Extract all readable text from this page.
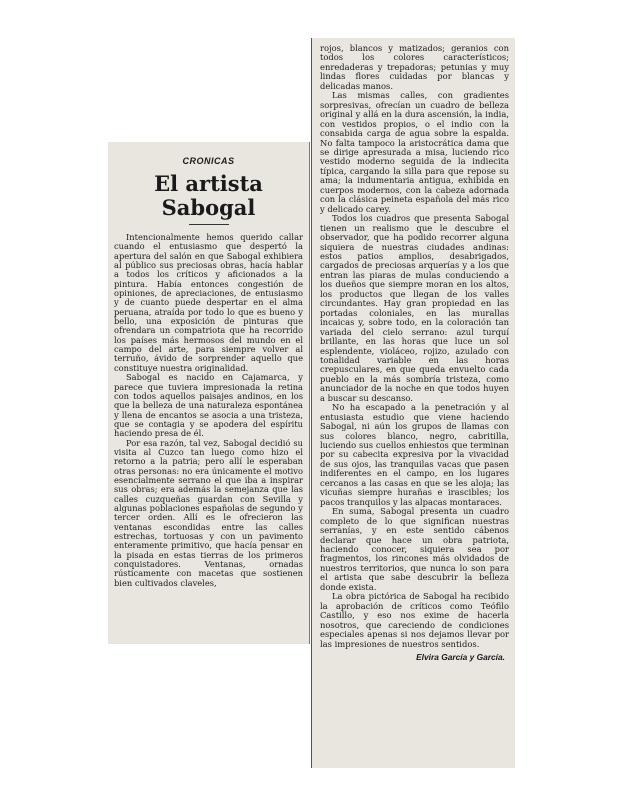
CRONICAS
El artista Sabogal

Intencionalmente hemos querido callar cuando el entusiasmo que despertó la apertura del salón en que Sabogal exhibiera al público sus preciosas obras, hacía hablar a todos los críticos y aficionados a la pintura. Había entonces congestión de opiniones, de apreciaciones, de entusiasmo y de cuanto puede despertar en el alma peruana, atraída por todo lo que es bueno y bello, una exposición de pinturas que ofrendara un compatriota que ha recorrido los países más hermosos del mundo en el campo del arte, para siempre volver al terruño, ávido de sorprender aquello que constituye nuestra originalidad.

Sabogal es nacido en Cajamarca, y parece que tuviera impresionada la retina con todos aquellos paisajes andinos, en los que la belleza de una naturaleza espontánea y llena de encantos se asocia a una tristeza, que se contagia y se apodera del espíritu haciendo presa de él.

Por esa razón, tal vez, Sabogal decidió su visita al Cuzco tan luego como hizo el retorno a la patria; pero allí le esperaban otras personas: no era únicamente el motivo esencialmente serrano el que iba a inspirar sus obras; era además la semejanza que las calles cuzqueñas guardan con Sevilla y algunas poblaciones españolas de segundo y tercer orden. Allí es le ofrecieron las ventanas escondidas entre las calles estrechas, tortuosas y con un pavimento enteramente primitivo, que hacía pensar en la pisada en estas tierras de los primeros conquistadores. Ventanas, ornadas rústicamente con macetas que sostienen bien cultivados claveles,

rojos, blancos y matizados; geranios con todos los colores característicos; enredaderas y trepadoras; petunias y muy lindas flores cuidadas por blancas y delicadas manos.

Las mismas calles, con gradientes sorpresivas, ofrecían un cuadro de belleza original y allá en la dura ascensión, la india, con vestidos propios, o el indio con la consabida carga de agua sobre la espalda. No falta tampoco la aristocrática dama que se dirige apresurada a misa, luciendo rico vestido moderno seguida de la indiecita típica, cargando la silla para que repose su ama; la indumentaria antigua, exhibida en cuerpos modernos, con la cabeza adornada con la clásica peineta española del más rico y delicado carey.

Todos los cuadros que presenta Sabogal tienen un realismo que le descubre el observador, que ha podido recorrer alguna siquiera de nuestras ciudades andinas: estos patios amplios, desabrigados, cargados de preciosas arquerías y a los que entran las piaras de mulas conduciendo a los dueños que siempre moran en los altos, los productos que llegan de los valles circundantes. Hay gran propiedad en las portadas coloniales, en las murallas incaicas y, sobre todo, en la coloración tan variada del cielo serrano: azul turquí brillante, en las horas que luce un sol esplendente, violáceo, rojizo, azulado con tonalidad variable en las horas crepusculares, en que queda envuelto cada pueblo en la más sombría tristeza, como anunciador de la noche en que todos huyen a buscar su descanso.

No ha escapado a la penetración y al entusiasta estudio que viene haciendo Sabogal, ni aún los grupos de llamas con sus colores blanco, negro, cabritilla, luciendo sus cuellos enhiestos que terminan por su cabecita expresiva por la vivacidad de sus ojos, las tranquilas vacas que pasen indiferentes en el campo, en los lugares cercanos a las casas en que se les aloja; las vicuñas siempre huraña​s e irascibles; los pacos tranquilos y las alpacas montaraces.

En suma, Sabogal presenta un cuadro completo de lo que significan nuestras serranías, y en este sentido cábenos declarar que hace un obra patriota, haciendo conocer, siquiera sea por fragmentos, los rincones más olvidados de nuestros territorios, que nunca lo son para el artista que sabe descubrir la belleza donde exista.

La obra pictórica de Sabogal ha recibido la aprobación de críticos como Teófilo Castillo, y eso nos exime de hacerla nosotros, que careciendo de condiciones especiales apenas si nos dejamos llevar por las impresiones de nuestros sentidos.

Elvira García y García.
